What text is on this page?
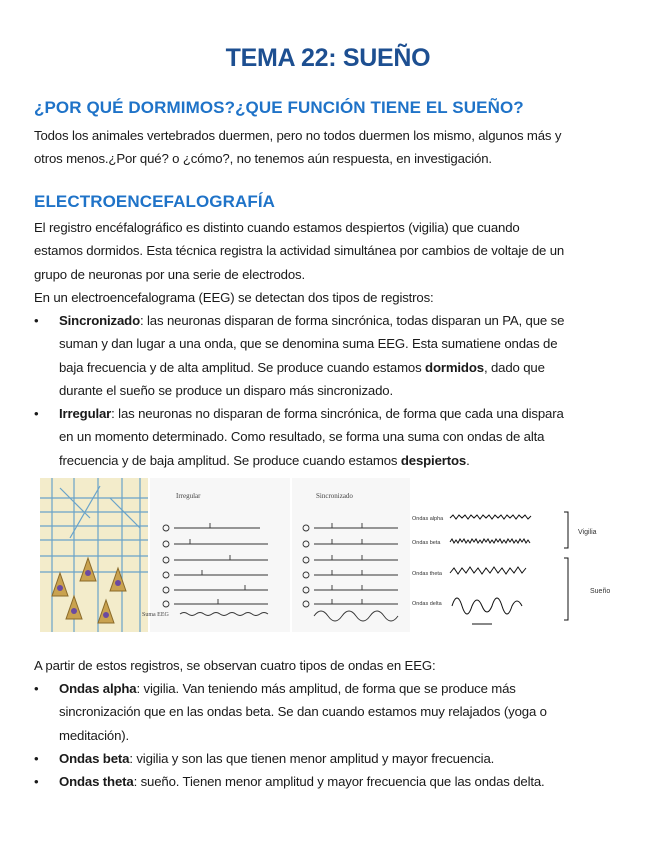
TEMA 22: SUEÑO
¿POR QUÉ DORMIMOS?¿QUE FUNCIÓN TIENE EL SUEÑO?
Todos los animales vertebrados duermen, pero no todos duermen los mismo, algunos más y
otros menos.¿Por qué? o ¿cómo?, no tenemos aún respuesta, en investigación.
ELECTROENCEFALOGRAFÍA
El registro encéfalográfico es distinto cuando estamos despiertos (vigilia) que cuando
estamos dormidos. Esta técnica registra la actividad simultánea por cambios de voltaje de un
grupo de neuronas por una serie de electrodos.
En un electroencefalograma (EEG) se detectan dos tipos de registros:
• Sincronizado: las neuronas disparan de forma sincrónica, todas disparan un PA, que se
suman y dan lugar a una onda, que se denomina suma EEG. Esta sumatiene ondas de
baja frecuencia y de alta amplitud. Se produce cuando estamos dormidos, dado que
durante el sueño se produce un disparo más sincronizado.
• Irregular: las neuronas no disparan de forma sincrónica, de forma que cada una dispara
en un momento determinado. Como resultado, se forma una suma con ondas de alta
frecuencia y de baja amplitud. Se produce cuando estamos despiertos.
Irregular
Suma EEG
Sincronizado
Ondas alpha
Ondas beta
Ondas theta
Ondas delta
Vigilia
Sueño
A partir de estos registros, se observan cuatro tipos de ondas en EEG:
• Ondas alpha: vigilia. Van teniendo más amplitud, de forma que se produce más
sincronización que en las ondas beta. Se dan cuando estamos muy relajados (yoga o
meditación).
• Ondas beta: vigilia y son las que tienen menor amplitud y mayor frecuencia.
• Ondas theta: sueño. Tienen menor amplitud y mayor frecuencia que las ondas delta.
